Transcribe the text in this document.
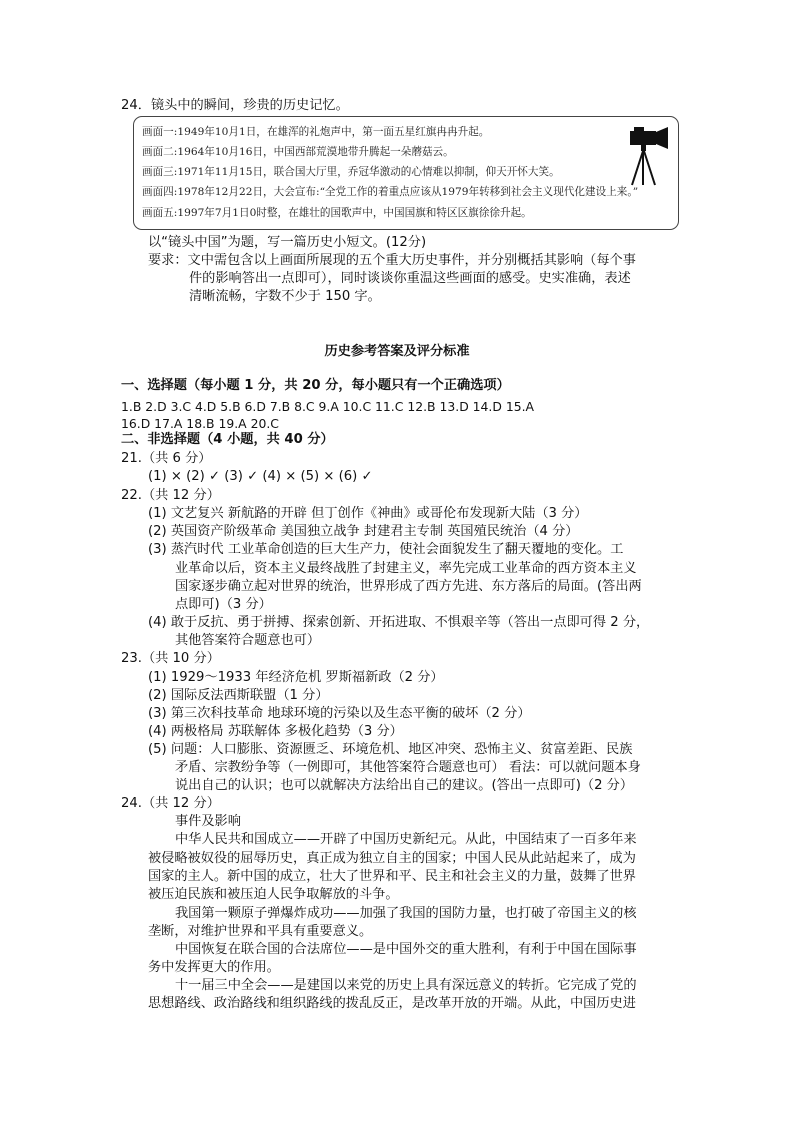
24．镜头中的瞬间，珍贵的历史记忆。
画面一:1949年10月1日，在雄浑的礼炮声中，第一面五星红旗冉冉升起。
画面二:1964年10月16日，中国西部荒漠地带升腾起一朵蘑菇云。
画面三:1971年11月15日，联合国大厅里，乔冠华激动的心情难以抑制，仰天开怀大笑。
画面四:1978年12月22日，大会宣布:“全党工作的着重点应该从1979年转移到社会主义现代化建设上来。”
画面五:1997年7月1日0时整，在雄壮的国歌声中，中国国旗和特区区旗徐徐升起。
以“镜头中国”为题，写一篇历史小短文。(12分)
要求：文中需包含以上画面所展现的五个重大历史事件，并分别概括其影响（每个事
件的影响答出一点即可），同时谈谈你重温这些画面的感受。史实准确，表述
清晰流畅，字数不少于 150 字。
历史参考答案及评分标准
一、选择题（每小题 1 分，共 20 分，每小题只有一个正确选项）
1.B 2.D 3.C 4.D 5.B 6.D 7.B 8.C 9.A 10.C 11.C 12.B 13.D 14.D 15.A
16.D 17.A 18.B 19.A 20.C
二、非选择题（4 小题，共 40 分）
21.（共 6 分）
(1) × (2) ✓ (3) ✓ (4) × (5) × (6) ✓
22.（共 12 分）
(1) 文艺复兴 新航路的开辟 但丁创作《神曲》或哥伦布发现新大陆（3 分）
(2) 英国资产阶级革命 美国独立战争 封建君主专制 英国殖民统治（4 分）
(3) 蒸汽时代 工业革命创造的巨大生产力，使社会面貌发生了翻天覆地的变化。工
业革命以后，资本主义最终战胜了封建主义，率先完成工业革命的西方资本主义
国家逐步确立起对世界的统治，世界形成了西方先进、东方落后的局面。(答出两
点即可)（3 分）
(4) 敢于反抗、勇于拼搏、探索创新、开拓进取、不惧艰辛等（答出一点即可得 2 分，
其他答案符合题意也可）
23.（共 10 分）
(1) 1929～1933 年经济危机 罗斯福新政（2 分）
(2) 国际反法西斯联盟（1 分）
(3) 第三次科技革命 地球环境的污染以及生态平衡的破坏（2 分）
(4) 两极格局 苏联解体 多极化趋势（3 分）
(5) 问题：人口膨胀、资源匮乏、环境危机、地区冲突、恐怖主义、贫富差距、民族
矛盾、宗教纷争等（一例即可，其他答案符合题意也可） 看法：可以就问题本身
说出自己的认识；也可以就解决方法给出自己的建议。(答出一点即可)（2 分）
24.（共 12 分）
事件及影响
中华人民共和国成立——开辟了中国历史新纪元。从此，中国结束了一百多年来
被侵略被奴役的屈辱历史，真正成为独立自主的国家；中国人民从此站起来了，成为
国家的主人。新中国的成立，壮大了世界和平、民主和社会主义的力量，鼓舞了世界
被压迫民族和被压迫人民争取解放的斗争。
我国第一颗原子弹爆炸成功——加强了我国的国防力量，也打破了帝国主义的核
垄断，对维护世界和平具有重要意义。
中国恢复在联合国的合法席位——是中国外交的重大胜利，有利于中国在国际事
务中发挥更大的作用。
十一届三中全会——是建国以来党的历史上具有深远意义的转折。它完成了党的
思想路线、政治路线和组织路线的拨乱反正，是改革开放的开端。从此，中国历史进
